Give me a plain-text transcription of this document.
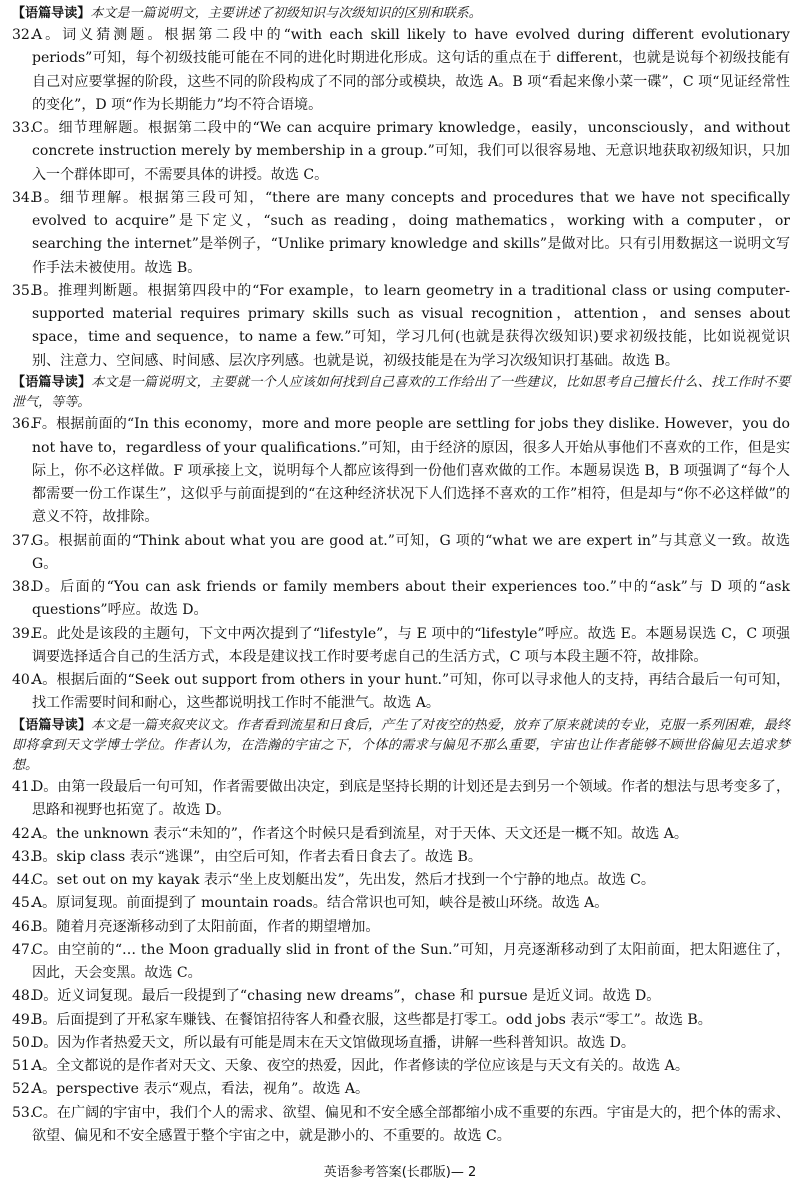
【语篇导读】本文是一篇说明文，主要讲述了初级知识与次级知识的区别和联系。

32.
A。词义猜测题。根据第二段中的“with each skill likely to have evolved during different evolutionary periods”可知，每个初级技能可能在不同的进化时期进化形成。这句话的重点在于 different，也就是说每个初级技能有自己对应要掌握的阶段，这些不同的阶段构成了不同的部分或模块，故选 A。B 项“看起来像小菜一碟”，C 项“见证经常性的变化”，D 项“作为长期能力”均不符合语境。

33.
C。细节理解题。根据第二段中的“We can acquire primary knowledge，easily，unconsciously，and without concrete instruction merely by membership in a group.”可知，我们可以很容易地、无意识地获取初级知识，只加入一个群体即可，不需要具体的讲授。故选 C。

34.
B。细节理解。根据第三段可知，“there are many concepts and procedures that we have not specifically evolved to acquire”是下定义，“such as reading，doing mathematics，working with a computer，or searching the internet”是举例子，“Unlike primary knowledge and skills”是做对比。只有引用数据这一说明文写作手法未被使用。故选 B。

35.
B。推理判断题。根据第四段中的“For example，to learn geometry in a traditional class or using computer-supported material requires primary skills such as visual recognition，attention，and senses about space，time and sequence，to name a few.”可知，学习几何(也就是获得次级知识)要求初级技能，比如说视觉识别、注意力、空间感、时间感、层次序列感。也就是说，初级技能是在为学习次级知识打基础。故选 B。

【语篇导读】本文是一篇说明文，主要就一个人应该如何找到自己喜欢的工作给出了一些建议，比如思考自己擅长什么、找工作时不要泄气，等等。

36.
F。根据前面的“In this economy，more and more people are settling for jobs they dislike. However，you do not have to，regardless of your qualifications.”可知，由于经济的原因，很多人开始从事他们不喜欢的工作，但是实际上，你不必这样做。F 项承接上文，说明每个人都应该得到一份他们喜欢做的工作。本题易误选 B，B 项强调了“每个人都需要一份工作谋生”，这似乎与前面提到的“在这种经济状况下人们选择不喜欢的工作”相符，但是却与“你不必这样做”的意义不符，故排除。

37.
G。根据前面的“Think about what you are good at.”可知，G 项的“what we are expert in”与其意义一致。故选 G。

38.
D。后面的“You can ask friends or family members about their experiences too.”中的“ask”与 D 项的“ask questions”呼应。故选 D。

39.
E。此处是该段的主题句，下文中两次提到了“lifestyle”，与 E 项中的“lifestyle”呼应。故选 E。本题易误选 C，C 项强调要选择适合自己的生活方式，本段是建议找工作时要考虑自己的生活方式，C 项与本段主题不符，故排除。

40.
A。根据后面的“Seek out support from others in your hunt.”可知，你可以寻求他人的支持，再结合最后一句可知，找工作需要时间和耐心，这些都说明找工作时不能泄气。故选 A。

【语篇导读】本文是一篇夹叙夹议文。作者看到流星和日食后，产生了对夜空的热爱，放弃了原来就读的专业，克服一系列困难，最终即将拿到天文学博士学位。作者认为，在浩瀚的宇宙之下，个体的需求与偏见不那么重要，宇宙也让作者能够不顾世俗偏见去追求梦想。

41.
D。由第一段最后一句可知，作者需要做出决定，到底是坚持长期的计划还是去到另一个领域。作者的想法与思考变多了，思路和视野也拓宽了。故选 D。

42.
A。the unknown 表示“未知的”，作者这个时候只是看到流星，对于天体、天文还是一概不知。故选 A。

43.
B。skip class 表示“逃课”，由空后可知，作者去看日食去了。故选 B。

44.
C。set out on my kayak 表示“坐上皮划艇出发”，先出发，然后才找到一个宁静的地点。故选 C。

45.
A。原词复现。前面提到了 mountain roads。结合常识也可知，峡谷是被山环绕。故选 A。

46.
B。随着月亮逐渐移动到了太阳前面，作者的期望增加。

47.
C。由空前的“… the Moon gradually slid in front of the Sun.”可知，月亮逐渐移动到了太阳前面，把太阳遮住了，因此，天会变黑。故选 C。

48.
D。近义词复现。最后一段提到了“chasing new dreams”，chase 和 pursue 是近义词。故选 D。

49.
B。后面提到了开私家车赚钱、在餐馆招待客人和叠衣服，这些都是打零工。odd jobs 表示“零工”。故选 B。

50.
D。因为作者热爱天文，所以最有可能是周末在天文馆做现场直播，讲解一些科普知识。故选 D。

51.
A。全文都说的是作者对天文、天象、夜空的热爱，因此，作者修读的学位应该是与天文有关的。故选 A。

52.
A。perspective 表示“观点，看法，视角”。故选 A。

53.
C。在广阔的宇宙中，我们个人的需求、欲望、偏见和不安全感全部都缩小成不重要的东西。宇宙是大的，把个体的需求、欲望、偏见和不安全感置于整个宇宙之中，就是渺小的、不重要的。故选 C。

英语参考答案(长郡版)— 2
